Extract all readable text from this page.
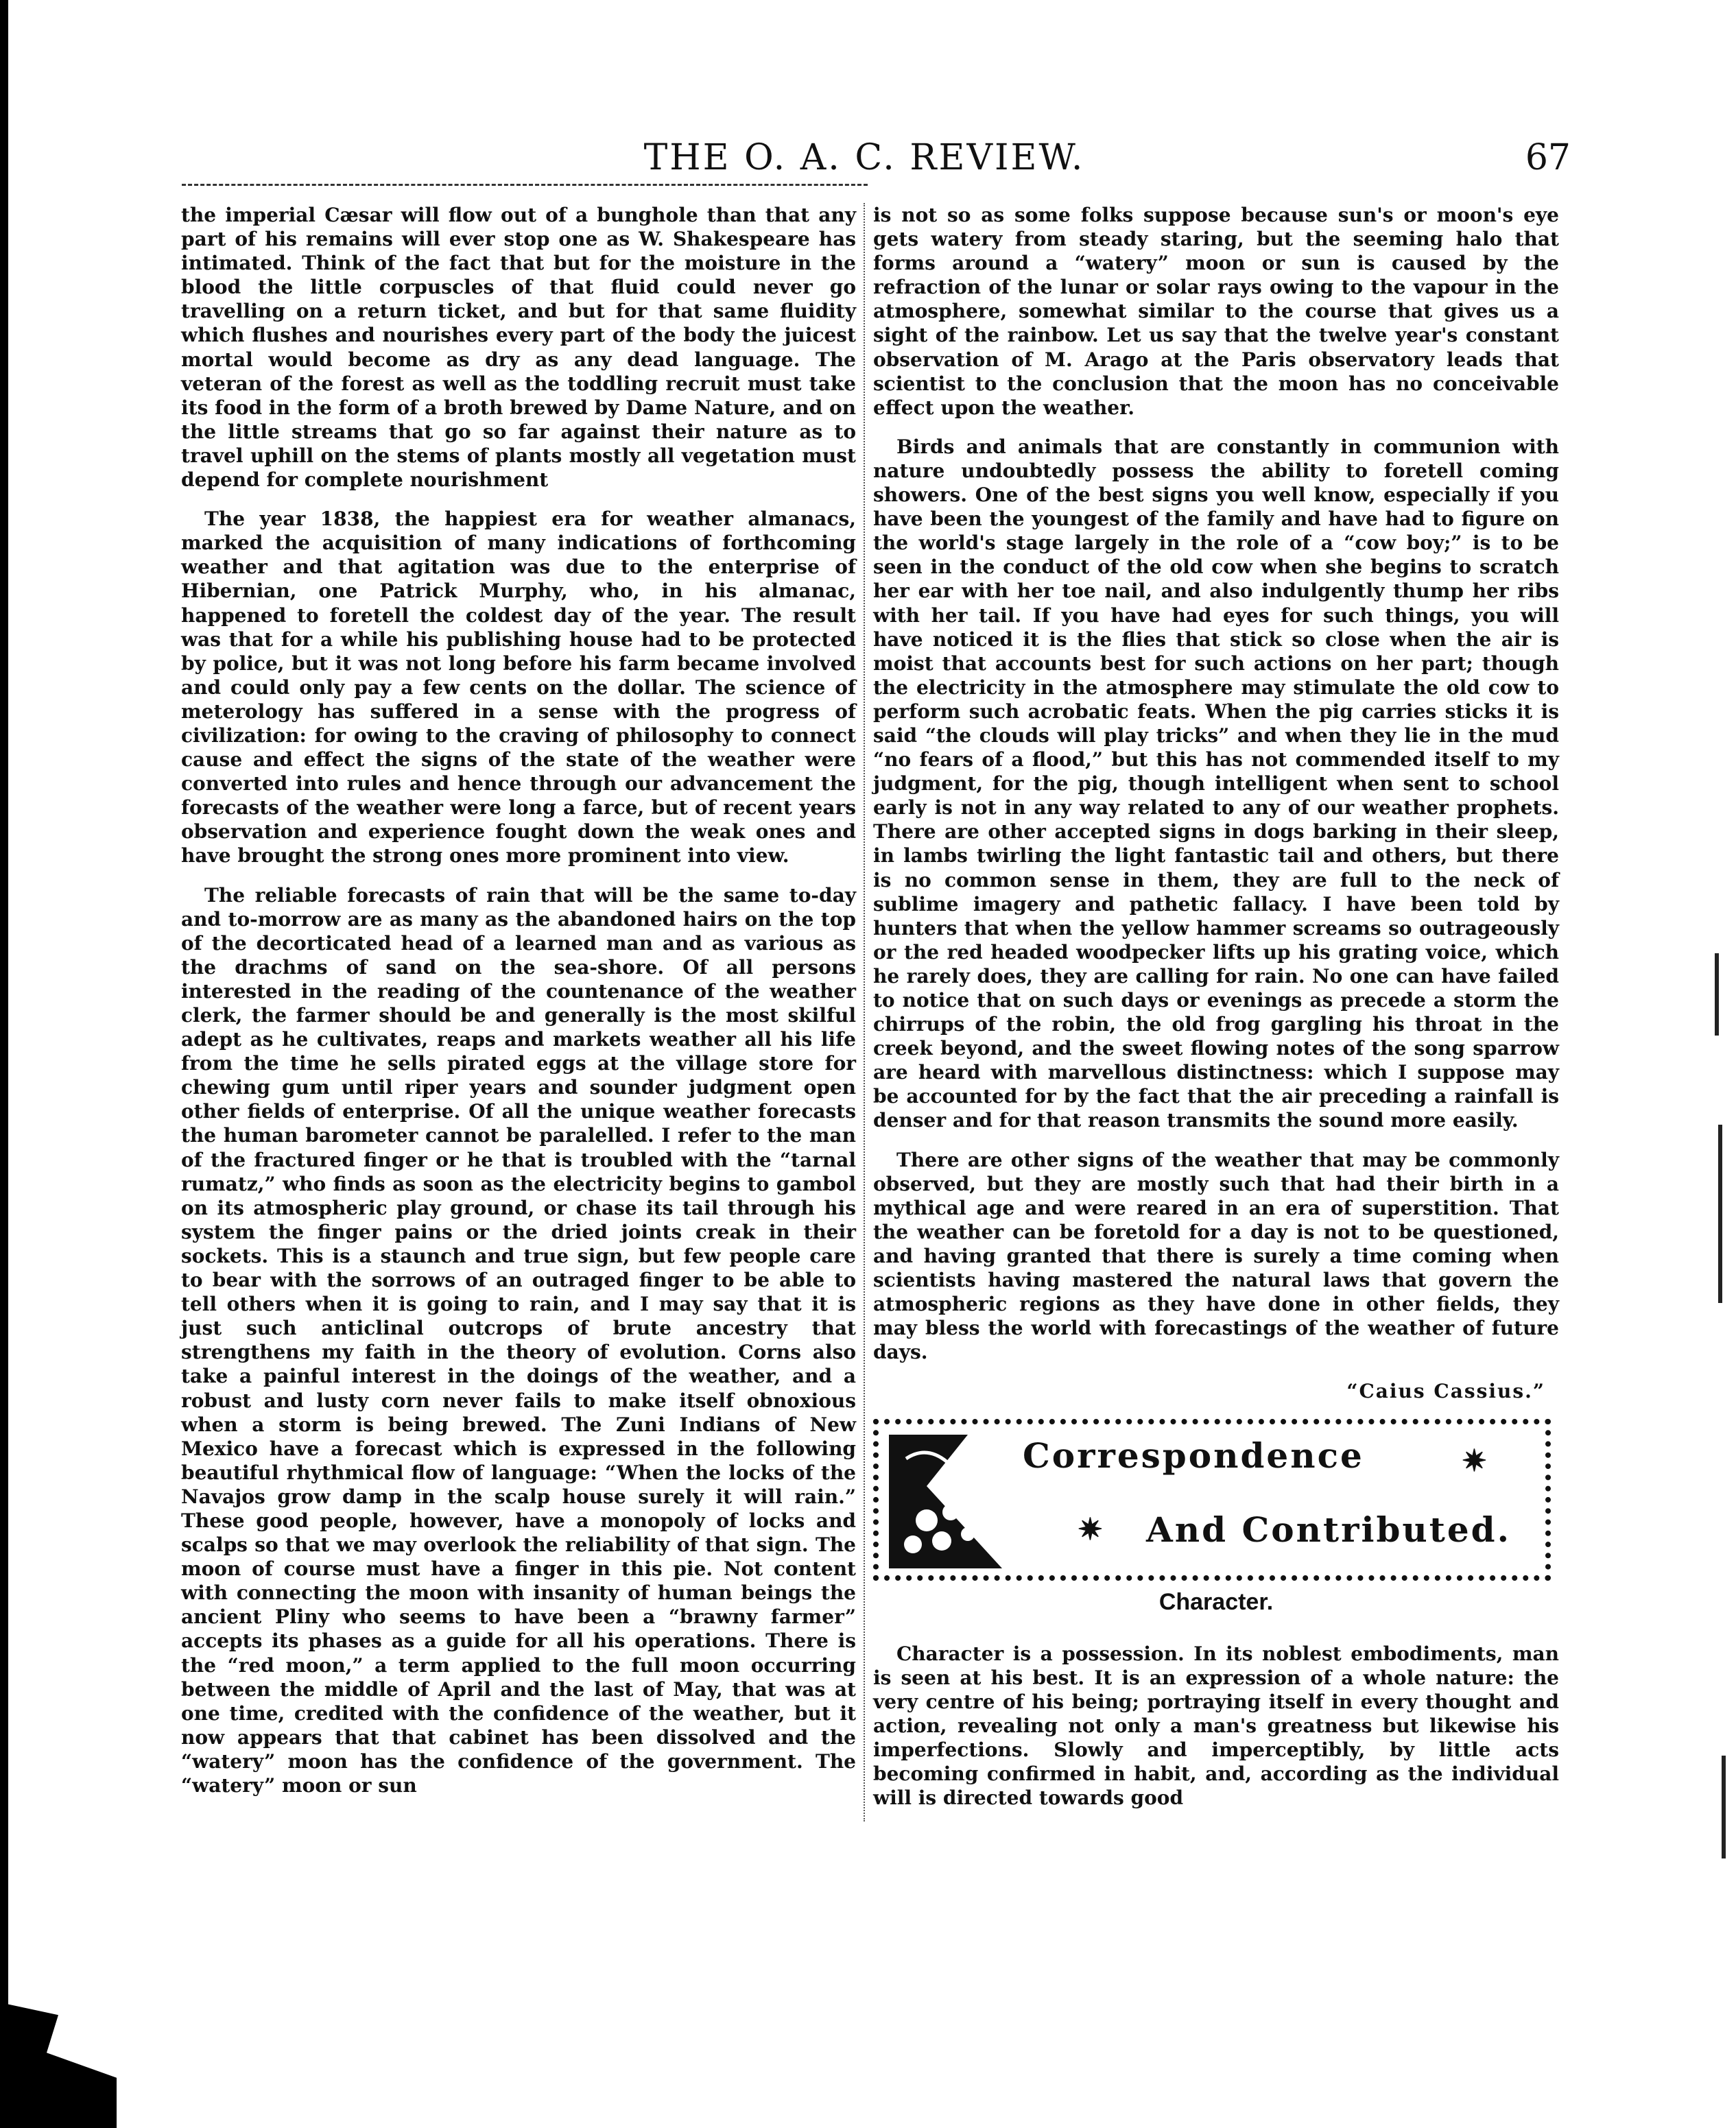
THE O. A. C. REVIEW.	67

the imperial Cæsar will flow out of a bunghole than that any part of his remains will ever stop one as W. Shakespeare has intimated. Think of the fact that but for the moisture in the blood the little corpuscles of that fluid could never go travelling on a return ticket, and but for that same fluidity which flushes and nourishes every part of the body the juicest mortal would become as dry as any dead language. The veteran of the forest as well as the toddling recruit must take its food in the form of a broth brewed by Dame Nature, and on the little streams that go so far against their nature as to travel uphill on the stems of plants mostly all vegetation must depend for complete nourishment

The year 1838, the happiest era for weather almanacs, marked the acquisition of many indications of forthcoming weather and that agitation was due to the enterprise of Hibernian, one Patrick Murphy, who, in his almanac, happened to foretell the coldest day of the year. The result was that for a while his publishing house had to be protected by police, but it was not long before his farm became involved and could only pay a few cents on the dollar. The science of meterology has suffered in a sense with the progress of civilization: for owing to the craving of philosophy to connect cause and effect the signs of the state of the weather were converted into rules and hence through our advancement the forecasts of the weather were long a farce, but of recent years observation and experience fought down the weak ones and have brought the strong ones more prominent into view.

The reliable forecasts of rain that will be the same to-day and to-morrow are as many as the abandoned hairs on the top of the decorticated head of a learned man and as various as the drachms of sand on the sea-shore. Of all persons interested in the reading of the countenance of the weather clerk, the farmer should be and generally is the most skilful adept as he cultivates, reaps and markets weather all his life from the time he sells pirated eggs at the village store for chewing gum until riper years and sounder judgment open other fields of enterprise. Of all the unique weather forecasts the human barometer cannot be paralelled. I refer to the man of the fractured finger or he that is troubled with the “tarnal rumatz,” who finds as soon as the electricity begins to gambol on its atmospheric play ground, or chase its tail through his system the finger pains or the dried joints creak in their sockets. This is a staunch and true sign, but few people care to bear with the sorrows of an outraged finger to be able to tell others when it is going to rain, and I may say that it is just such anticlinal outcrops of brute ancestry that strengthens my faith in the theory of evolution. Corns also take a painful interest in the doings of the weather, and a robust and lusty corn never fails to make itself obnoxious when a storm is being brewed. The Zuni Indians of New Mexico have a forecast which is expressed in the following beautiful rhythmical flow of language: “When the locks of the Navajos grow damp in the scalp house surely it will rain.” These good people, however, have a monopoly of locks and scalps so that we may overlook the reliability of that sign. The moon of course must have a finger in this pie. Not content with connecting the moon with insanity of human beings the ancient Pliny who seems to have been a “brawny farmer” accepts its phases as a guide for all his operations. There is the “red moon,” a term applied to the full moon occurring between the middle of April and the last of May, that was at one time, credited with the confidence of the weather, but it now appears that that cabinet has been dissolved and the “watery” moon has the confidence of the government. The “watery” moon or sun

is not so as some folks suppose because sun's or moon's eye gets watery from steady staring, but the seeming halo that forms around a “watery” moon or sun is caused by the refraction of the lunar or solar rays owing to the vapour in the atmosphere, somewhat similar to the course that gives us a sight of the rainbow. Let us say that the twelve year's constant observation of M. Arago at the Paris observatory leads that scientist to the conclusion that the moon has no conceivable effect upon the weather.

Birds and animals that are constantly in communion with nature undoubtedly possess the ability to foretell coming showers. One of the best signs you well know, especially if you have been the youngest of the family and have had to figure on the world's stage largely in the role of a “cow boy;” is to be seen in the conduct of the old cow when she begins to scratch her ear with her toe nail, and also indulgently thump her ribs with her tail. If you have had eyes for such things, you will have noticed it is the flies that stick so close when the air is moist that accounts best for such actions on her part; though the electricity in the atmosphere may stimulate the old cow to perform such acrobatic feats. When the pig carries sticks it is said “the clouds will play tricks” and when they lie in the mud “no fears of a flood,” but this has not commended itself to my judgment, for the pig, though intelligent when sent to school early is not in any way related to any of our weather prophets. There are other accepted signs in dogs barking in their sleep, in lambs twirling the light fantastic tail and others, but there is no common sense in them, they are full to the neck of sublime imagery and pathetic fallacy. I have been told by hunters that when the yellow hammer screams so outrageously or the red headed woodpecker lifts up his grating voice, which he rarely does, they are calling for rain. No one can have failed to notice that on such days or evenings as precede a storm the chirrups of the robin, the old frog gargling his throat in the creek beyond, and the sweet flowing notes of the song sparrow are heard with marvellous distinctness: which I suppose may be accounted for by the fact that the air preceding a rainfall is denser and for that reason transmits the sound more easily.

There are other signs of the weather that may be commonly observed, but they are mostly such that had their birth in a mythical age and were reared in an era of superstition. That the weather can be foretold for a day is not to be questioned, and having granted that there is surely a time coming when scientists having mastered the natural laws that govern the atmospheric regions as they have done in other fields, they may bless the world with forecastings of the weather of future days.

“Caius Cassius.”
Correspondence	✷
✷ And Contributed.
Character.

Character is a possession. In its noblest embodiments, man is seen at his best. It is an expression of a whole nature: the very centre of his being; portraying itself in every thought and action, revealing not only a man's greatness but likewise his imperfections. Slowly and imperceptibly, by little acts becoming confirmed in habit, and, according as the individual will is directed towards good
